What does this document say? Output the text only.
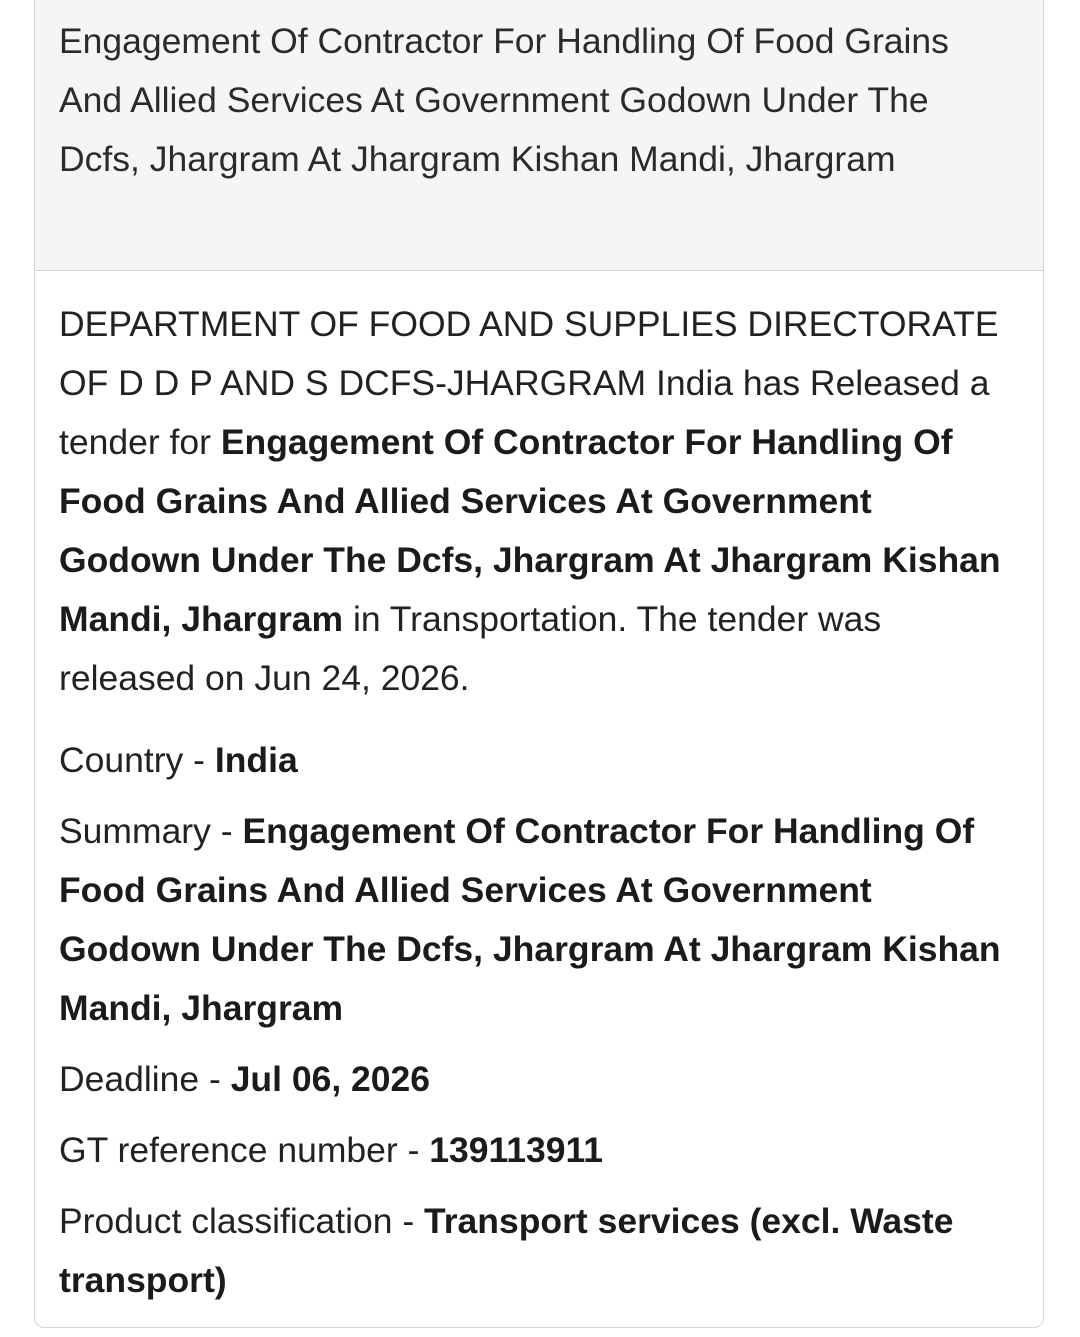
Engagement Of Contractor For Handling Of Food Grains And Allied Services At Government Godown Under The Dcfs, Jhargram At Jhargram Kishan Mandi, Jhargram

DEPARTMENT OF FOOD AND SUPPLIES DIRECTORATE OF D D P AND S DCFS-JHARGRAM India has Released a tender for Engagement Of Contractor For Handling Of Food Grains And Allied Services At Government Godown Under The Dcfs, Jhargram At Jhargram Kishan Mandi, Jhargram in Transportation. The tender was released on Jun 24, 2026.

Country - India
Summary - Engagement Of Contractor For Handling Of Food Grains And Allied Services At Government Godown Under The Dcfs, Jhargram At Jhargram Kishan Mandi, Jhargram
Deadline - Jul 06, 2026
GT reference number - 139113911
Product classification - Transport services (excl. Waste transport)
